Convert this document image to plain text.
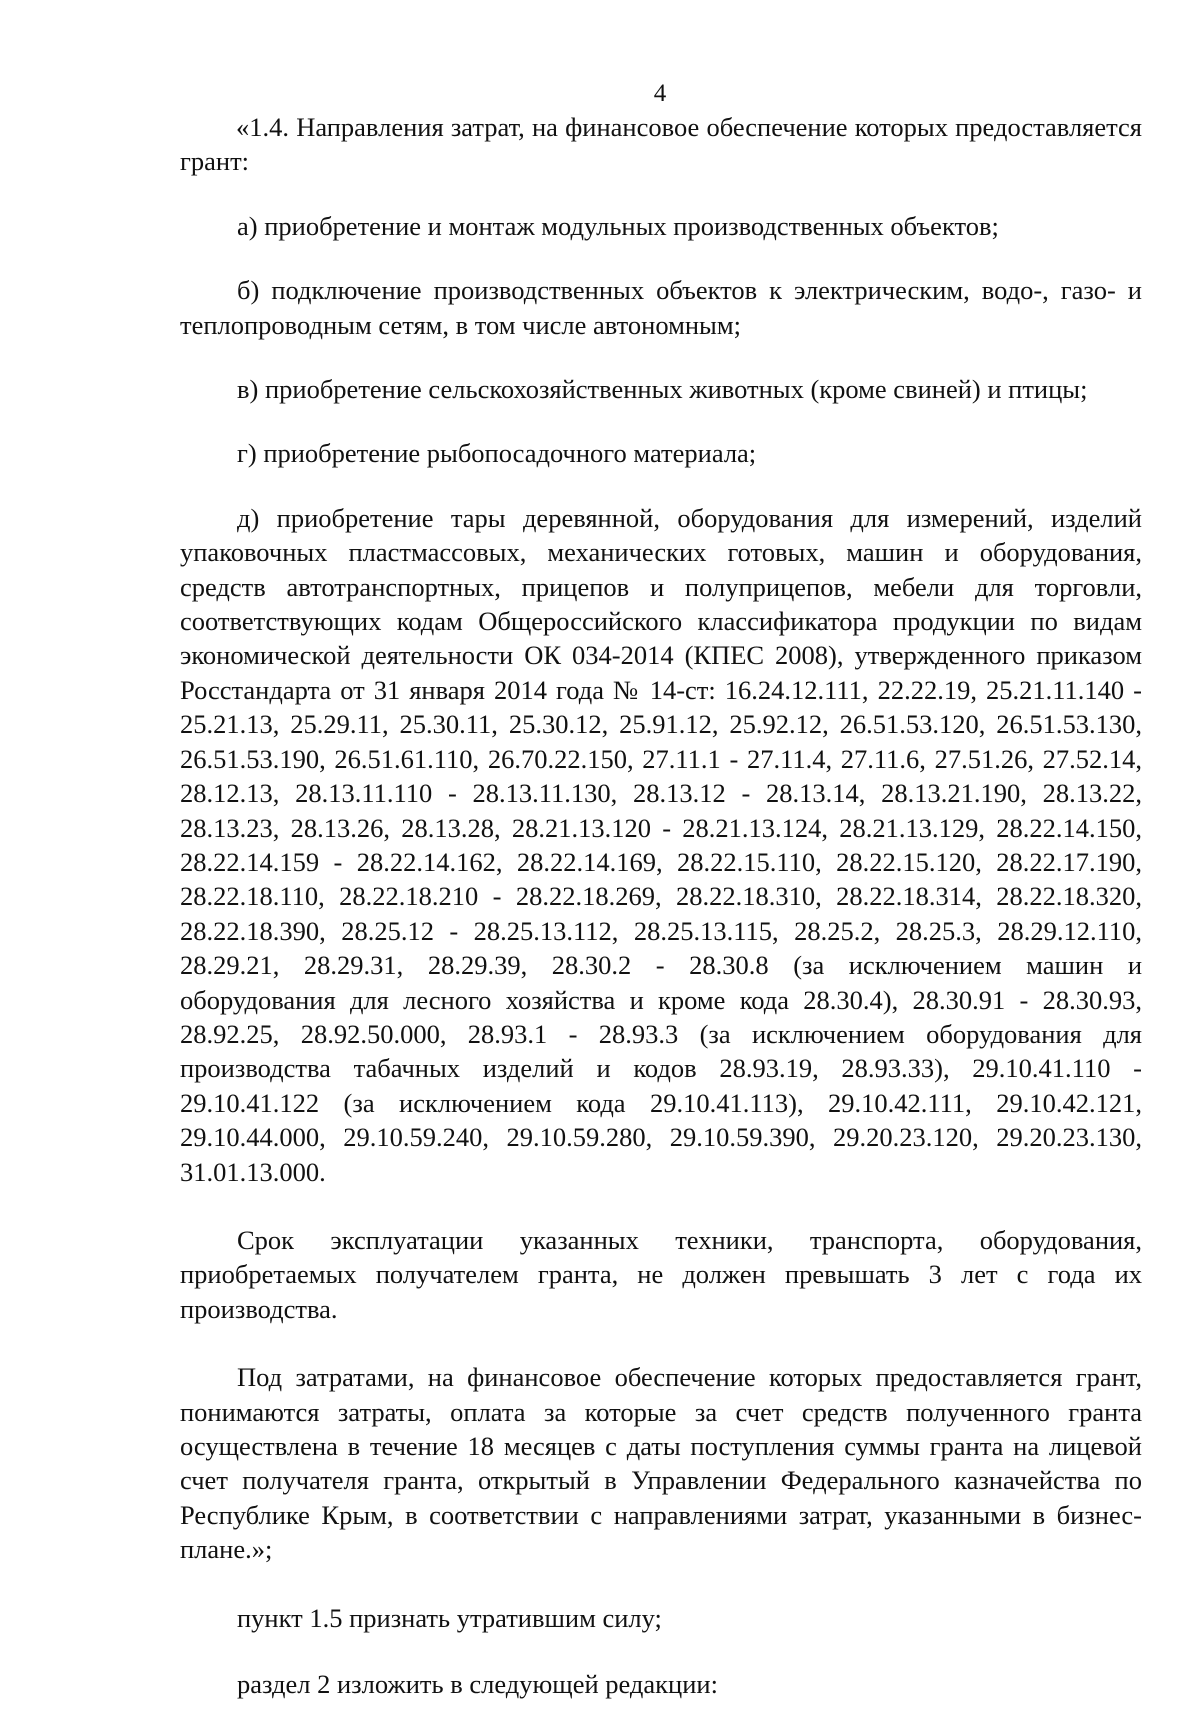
4

«1.4. Направления затрат, на финансовое обеспечение которых предоставляется грант:

а) приобретение и монтаж модульных производственных объектов;

б) подключение производственных объектов к электрическим, водо-, газо- и теплопроводным сетям, в том числе автономным;

в) приобретение сельскохозяйственных животных (кроме свиней) и птицы;

г) приобретение рыбопосадочного материала;

д) приобретение тары деревянной, оборудования для измерений, изделий упаковочных пластмассовых, механических готовых, машин и оборудования, средств автотранспортных, прицепов и полуприцепов, мебели для торговли, соответствующих кодам Общероссийского классификатора продукции по видам экономической деятельности ОК 034-2014 (КПЕС 2008), утвержденного приказом Росстандарта от 31 января 2014 года № 14-ст: 16.24.12.111, 22.22.19, 25.21.11.140 - 25.21.13, 25.29.11, 25.30.11, 25.30.12, 25.91.12, 25.92.12, 26.51.53.120, 26.51.53.130, 26.51.53.190, 26.51.61.110, 26.70.22.150, 27.11.1 - 27.11.4, 27.11.6, 27.51.26, 27.52.14, 28.12.13, 28.13.11.110 - 28.13.11.130, 28.13.12 - 28.13.14, 28.13.21.190, 28.13.22, 28.13.23, 28.13.26, 28.13.28, 28.21.13.120 - 28.21.13.124, 28.21.13.129, 28.22.14.150, 28.22.14.159 - 28.22.14.162, 28.22.14.169, 28.22.15.110, 28.22.15.120, 28.22.17.190, 28.22.18.110, 28.22.18.210 - 28.22.18.269, 28.22.18.310, 28.22.18.314, 28.22.18.320, 28.22.18.390, 28.25.12 - 28.25.13.112, 28.25.13.115, 28.25.2, 28.25.3, 28.29.12.110, 28.29.21, 28.29.31, 28.29.39, 28.30.2 - 28.30.8 (за исключением машин и оборудования для лесного хозяйства и кроме кода 28.30.4), 28.30.91 - 28.30.93, 28.92.25, 28.92.50.000, 28.93.1 - 28.93.3 (за исключением оборудования для производства табачных изделий и кодов 28.93.19, 28.93.33), 29.10.41.110 - 29.10.41.122 (за исключением кода 29.10.41.113), 29.10.42.111, 29.10.42.121, 29.10.44.000, 29.10.59.240, 29.10.59.280, 29.10.59.390, 29.20.23.120, 29.20.23.130, 31.01.13.000.

Срок эксплуатации указанных техники, транспорта, оборудования, приобретаемых получателем гранта, не должен превышать 3 лет с года их производства.

Под затратами, на финансовое обеспечение которых предоставляется грант, понимаются затраты, оплата за которые за счет средств полученного гранта осуществлена в течение 18 месяцев с даты поступления суммы гранта на лицевой счет получателя гранта, открытый в Управлении Федерального казначейства по Республике Крым, в соответствии с направлениями затрат, указанными в бизнес-плане.»;

пункт 1.5 признать утратившим силу;

раздел 2 изложить в следующей редакции:
